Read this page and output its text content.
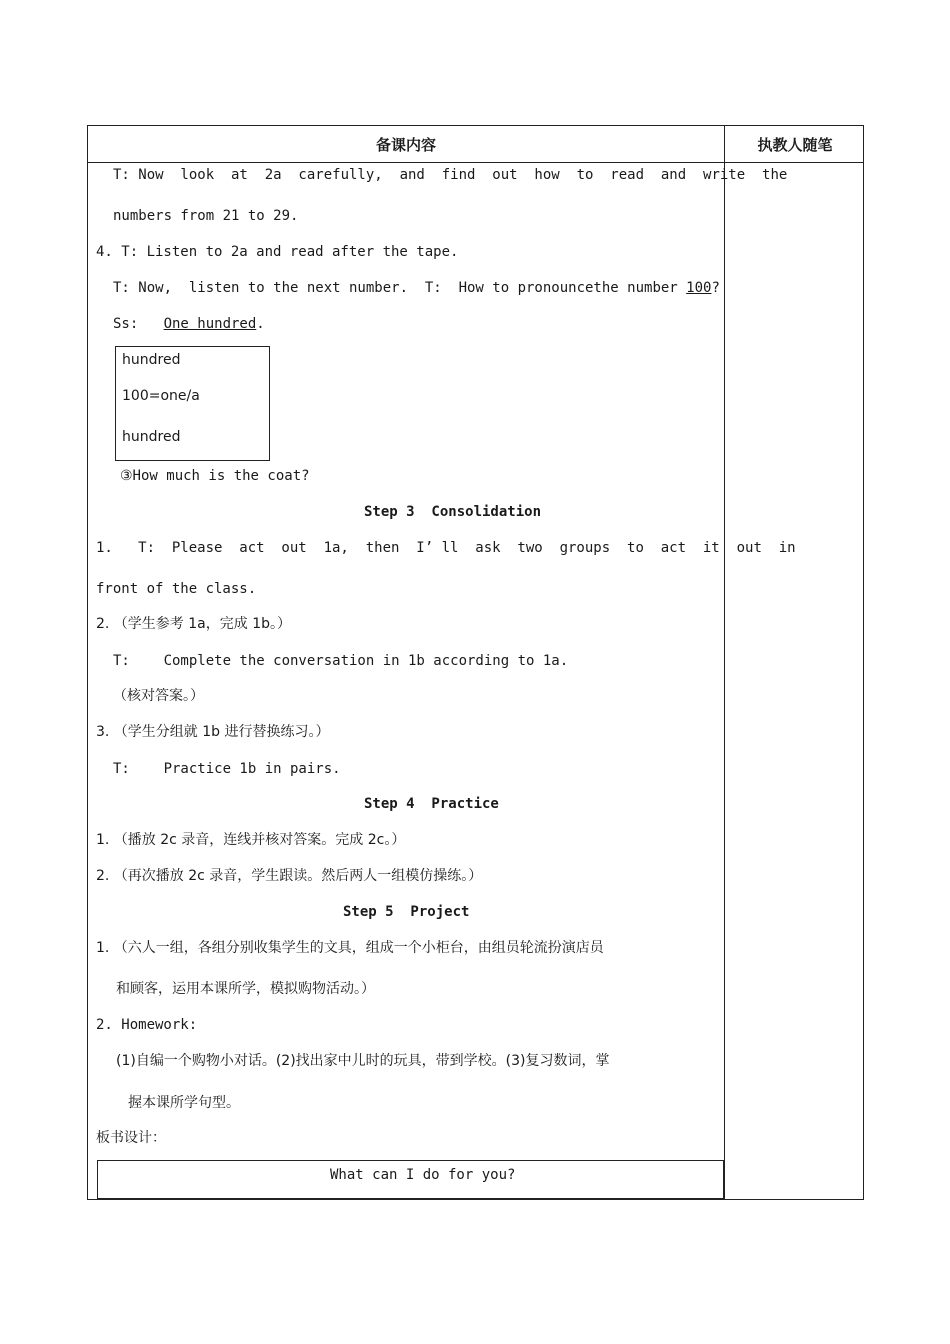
备课内容	执教人随笔
T: Now  look  at  2a  carefully,  and  find  out  how  to  read  and  write  the
numbers from 21 to 29.
4. T: Listen to 2a and read after the tape.
T: Now,  listen to the next number.  T:  How to pronouncethe number 100?
Ss:   One hundred.
hundred
100=one/a
hundred
③How much is the coat?
Step 3  Consolidation
1.   T:  Please  act  out  1a,  then  I’ ll  ask  two  groups  to  act  it  out  in
front of the class.
2. （学生参考 1a，完成 1b。）
T:    Complete the conversation in 1b according to 1a.
（核对答案。）
3. （学生分组就 1b 进行替换练习。）
T:    Practice 1b in pairs.
Step 4  Practice
1. （播放 2c 录音，连线并核对答案。完成 2c。）
2. （再次播放 2c 录音，学生跟读。然后两人一组模仿操练。）
Step 5  Project
1. （六人一组，各组分别收集学生的文具，组成一个小柜台，由组员轮流扮演店员
和顾客，运用本课所学，模拟购物活动。）
2. Homework:
(1)自编一个购物小对话。(2)找出家中儿时的玩具，带到学校。(3)复习数词，掌
握本课所学句型。
板书设计：
What can I do for you?
